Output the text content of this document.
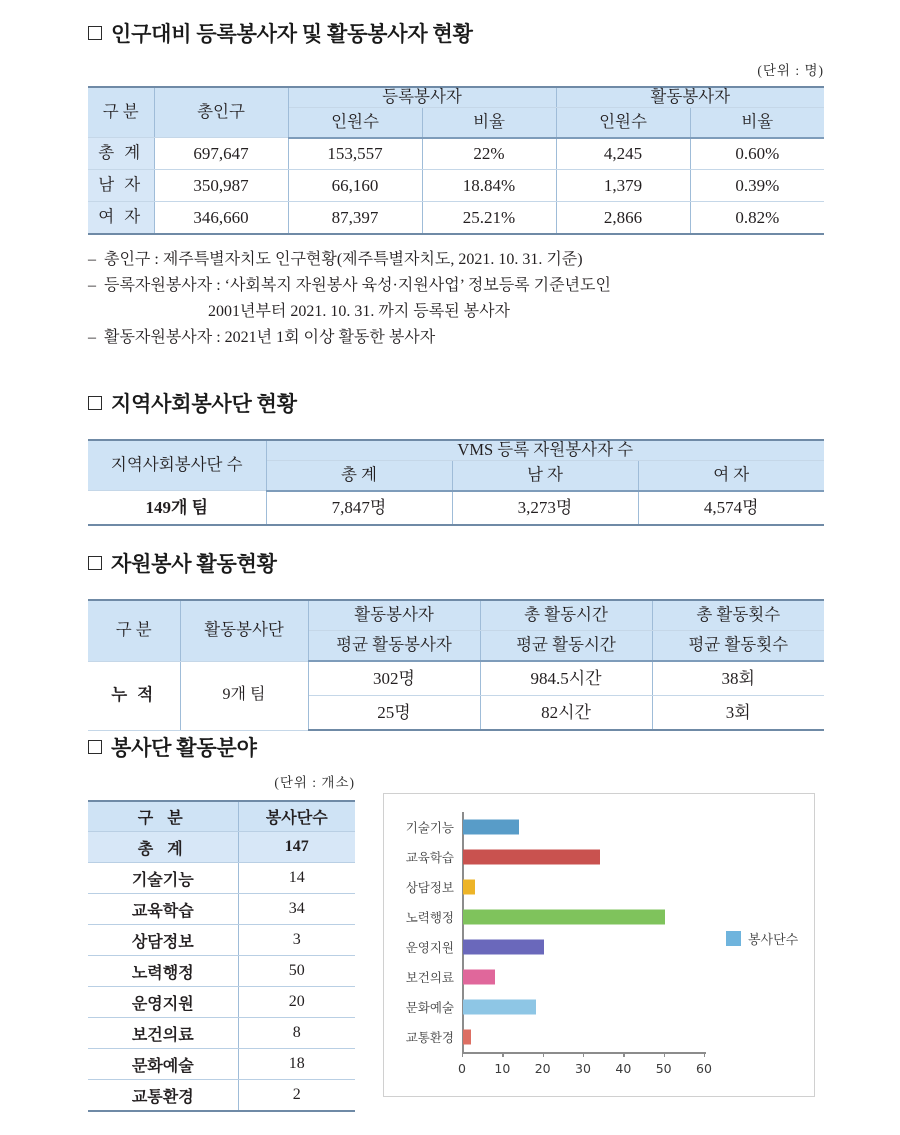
인구대비 등록봉사자 및 활동봉사자 현황
(단위 : 명)
구 분	총인구	등록봉사자		활동봉사자	
		인원수	비율	인원수	비율
총 계	697,647	153,557	22%	4,245	0.60%
남 자	350,987	66,160	18.84%	1,379	0.39%
여 자	346,660	87,397	25.21%	2,866	0.82%
– 총인구 : 제주특별자치도 인구현황(제주특별자치도, 2021. 10. 31. 기준)
– 등록자원봉사자 : ‘사회복지 자원봉사 육성·지원사업’ 정보등록 기준년도인
2001년부터 2021. 10. 31. 까지 등록된 봉사자
– 활동자원봉사자 : 2021년 1회 이상 활동한 봉사자
지역사회봉사단 현황
지역사회봉사단 수	VMS 등록 자원봉사자 수		
	총 계	남 자	여 자
149개 팀	7,847명	3,273명	4,574명
자원봉사 활동현황
구 분	활동봉사단	활동봉사자	총 활동시간	총 활동횟수
		평균 활동봉사자	평균 활동시간	평균 활동횟수
누 적	9개 팀	302명	984.5시간	38회
		25명	82시간	3회
봉사단 활동분야
(단위 : 개소)
구 분	봉사단수
총 계	147
기술기능	14
교육학습	34
상담정보	3
노력행정	50
운영지원	20
보건의료	8
문화예술	18
교통환경	2
기술기능
교육학습
상담정보
노력행정
운영지원
보건의료
문화예술
교통환경
0 10 20 30 40 50 60
봉사단수
